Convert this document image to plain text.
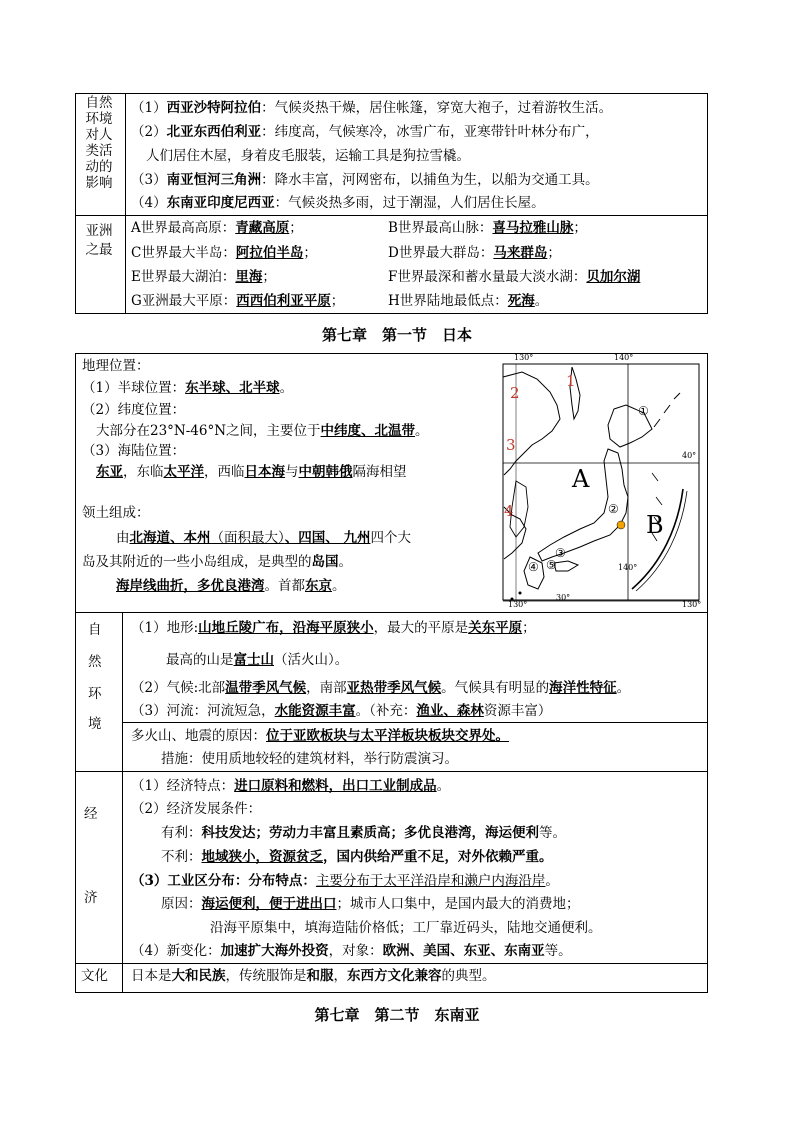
自然环境对人类活动的影响
（1）西亚沙特阿拉伯：气候炎热干燥，居住帐篷，穿宽大袍子，过着游牧生活。
（2）北亚东西伯利亚：纬度高，气候寒冷，冰雪广布，亚寒带针叶林分布广，
人们居住木屋，身着皮毛服装，运输工具是狗拉雪橇。
（3）南亚恒河三角洲：降水丰富，河网密布，以捕鱼为生，以船为交通工具。
（4）东南亚印度尼西亚：气候炎热多雨，过于潮湿，人们居住长屋。
亚洲之最
A世界最高高原：青藏高原；	B世界最高山脉：喜马拉雅山脉；
C世界最大半岛：阿拉伯半岛；	D世界最大群岛：马来群岛；
E世界最大湖泊：里海；	F世界最深和蓄水量最大淡水湖：贝加尔湖
G亚洲最大平原：西西伯利亚平原；	H世界陆地最低点：死海。
第七章　第一节　日本
地理位置：
（1）半球位置：东半球、北半球。
（2）纬度位置：
大部分在23°N-46°N之间，主要位于中纬度、北温带。
（3）海陆位置：
东亚，东临太平洋，西临日本海与中朝韩俄隔海相望
领土组成：
由北海道、本州（面积最大）、四国、 九州四个大
岛及其附近的一些小岛组成，是典型的岛国。
海岸线曲折，多优良港湾。首都东京。
130°	140°
40°
140°
30°
130°	130°
1
2
3
4
A
B
①
②
③
④ ⑤
自
然
环
境
（1）地形:山地丘陵广布，沿海平原狭小，最大的平原是关东平原；
最高的山是富士山（活火山）。
（2）气候:北部温带季风气候，南部亚热带季风气候。气候具有明显的海洋性特征。
（3）河流：河流短急，水能资源丰富。（补充：渔业、森林资源丰富）
多火山、地震的原因：位于亚欧板块与太平洋板块板块交界处。
措施：使用质地较轻的建筑材料，举行防震演习。
经
济
（1）经济特点：进口原料和燃料，出口工业制成品。
（2）经济发展条件：
有利：科技发达；劳动力丰富且素质高；多优良港湾，海运便利等。
不利：地域狭小，资源贫乏，国内供给严重不足，对外依赖严重。
（3）工业区分布：分布特点：主要分布于太平洋沿岸和濑户内海沿岸。
原因：海运便利，便于进出口；城市人口集中，是国内最大的消费地；
沿海平原集中，填海造陆价格低；工厂靠近码头，陆地交通便利。
（4）新变化：加速扩大海外投资，对象：欧洲、美国、东亚、东南亚等。
文化 日本是大和民族，传统服饰是和服，东西方文化兼容的典型。
第七章　第二节　东南亚
